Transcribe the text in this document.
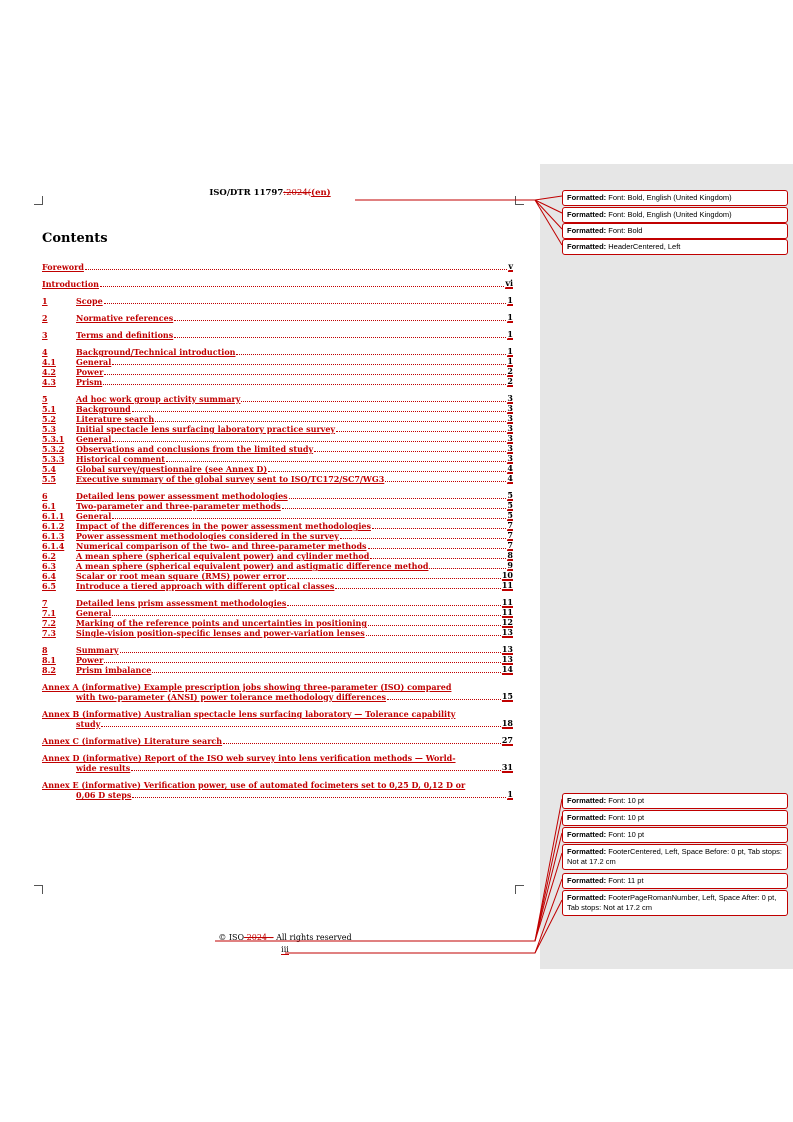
ISO/DTR 11797:2024((en)
Contents
Foreword	v
Introduction	vi
1	Scope	1
2	Normative references	1
3	Terms and definitions	1
4	Background/Technical introduction	1
4.1	General	1
4.2	Power	2
4.3	Prism	2
5	Ad hoc work group activity summary	3
5.1	Background	3
5.2	Literature search	3
5.3	Initial spectacle lens surfacing laboratory practice survey	3
5.3.1	General	3
5.3.2	Observations and conclusions from the limited study	3
5.3.3	Historical comment	3
5.4	Global survey/questionnaire (see Annex D)	4
5.5	Executive summary of the global survey sent to ISO/TC172/SC7/WG3	4
6	Detailed lens power assessment methodologies	5
6.1	Two-parameter and three-parameter methods	5
6.1.1	General	5
6.1.2	Impact of the differences in the power assessment methodologies	7
6.1.3	Power assessment methodologies considered in the survey	7
6.1.4	Numerical comparison of the two- and three-parameter methods	7
6.2	A mean sphere (spherical equivalent power) and cylinder method	8
6.3	A mean sphere (spherical equivalent power) and astigmatic difference method	9
6.4	Scalar or root mean square (RMS) power error	10
6.5	Introduce a tiered approach with different optical classes	11
7	Detailed lens prism assessment methodologies	11
7.1	General	11
7.2	Marking of the reference points and uncertainties in positioning	12
7.3	Single-vision position-specific lenses and power-variation lenses	13
8	Summary	13
8.1	Power	13
8.2	Prism imbalance	14
Annex A (informative) Example prescription jobs showing three-parameter (ISO) compared
with two-parameter (ANSI) power tolerance methodology differences	15
Annex B (informative) Australian spectacle lens surfacing laboratory — Tolerance capability
study	18
Annex C (informative) Literature search	27
Annex D (informative) Report of the ISO web survey into lens verification methods — World-
wide results	31
Annex E (informative) Verification power, use of automated focimeters set to 0,25 D, 0,12 D or
0,06 D steps	1
© ISO 2024 – All rights reserved
iii
Formatted: Font: Bold, English (United Kingdom)
Formatted: Font: Bold, English (United Kingdom)
Formatted: Font: Bold
Formatted: HeaderCentered, Left
Formatted: Font: 10 pt
Formatted: Font: 10 pt
Formatted: Font: 10 pt
Formatted: FooterCentered, Left, Space Before: 0 pt, Tab stops: Not at 17.2 cm
Formatted: Font: 11 pt
Formatted: FooterPageRomanNumber, Left, Space After: 0 pt, Tab stops: Not at 17.2 cm
